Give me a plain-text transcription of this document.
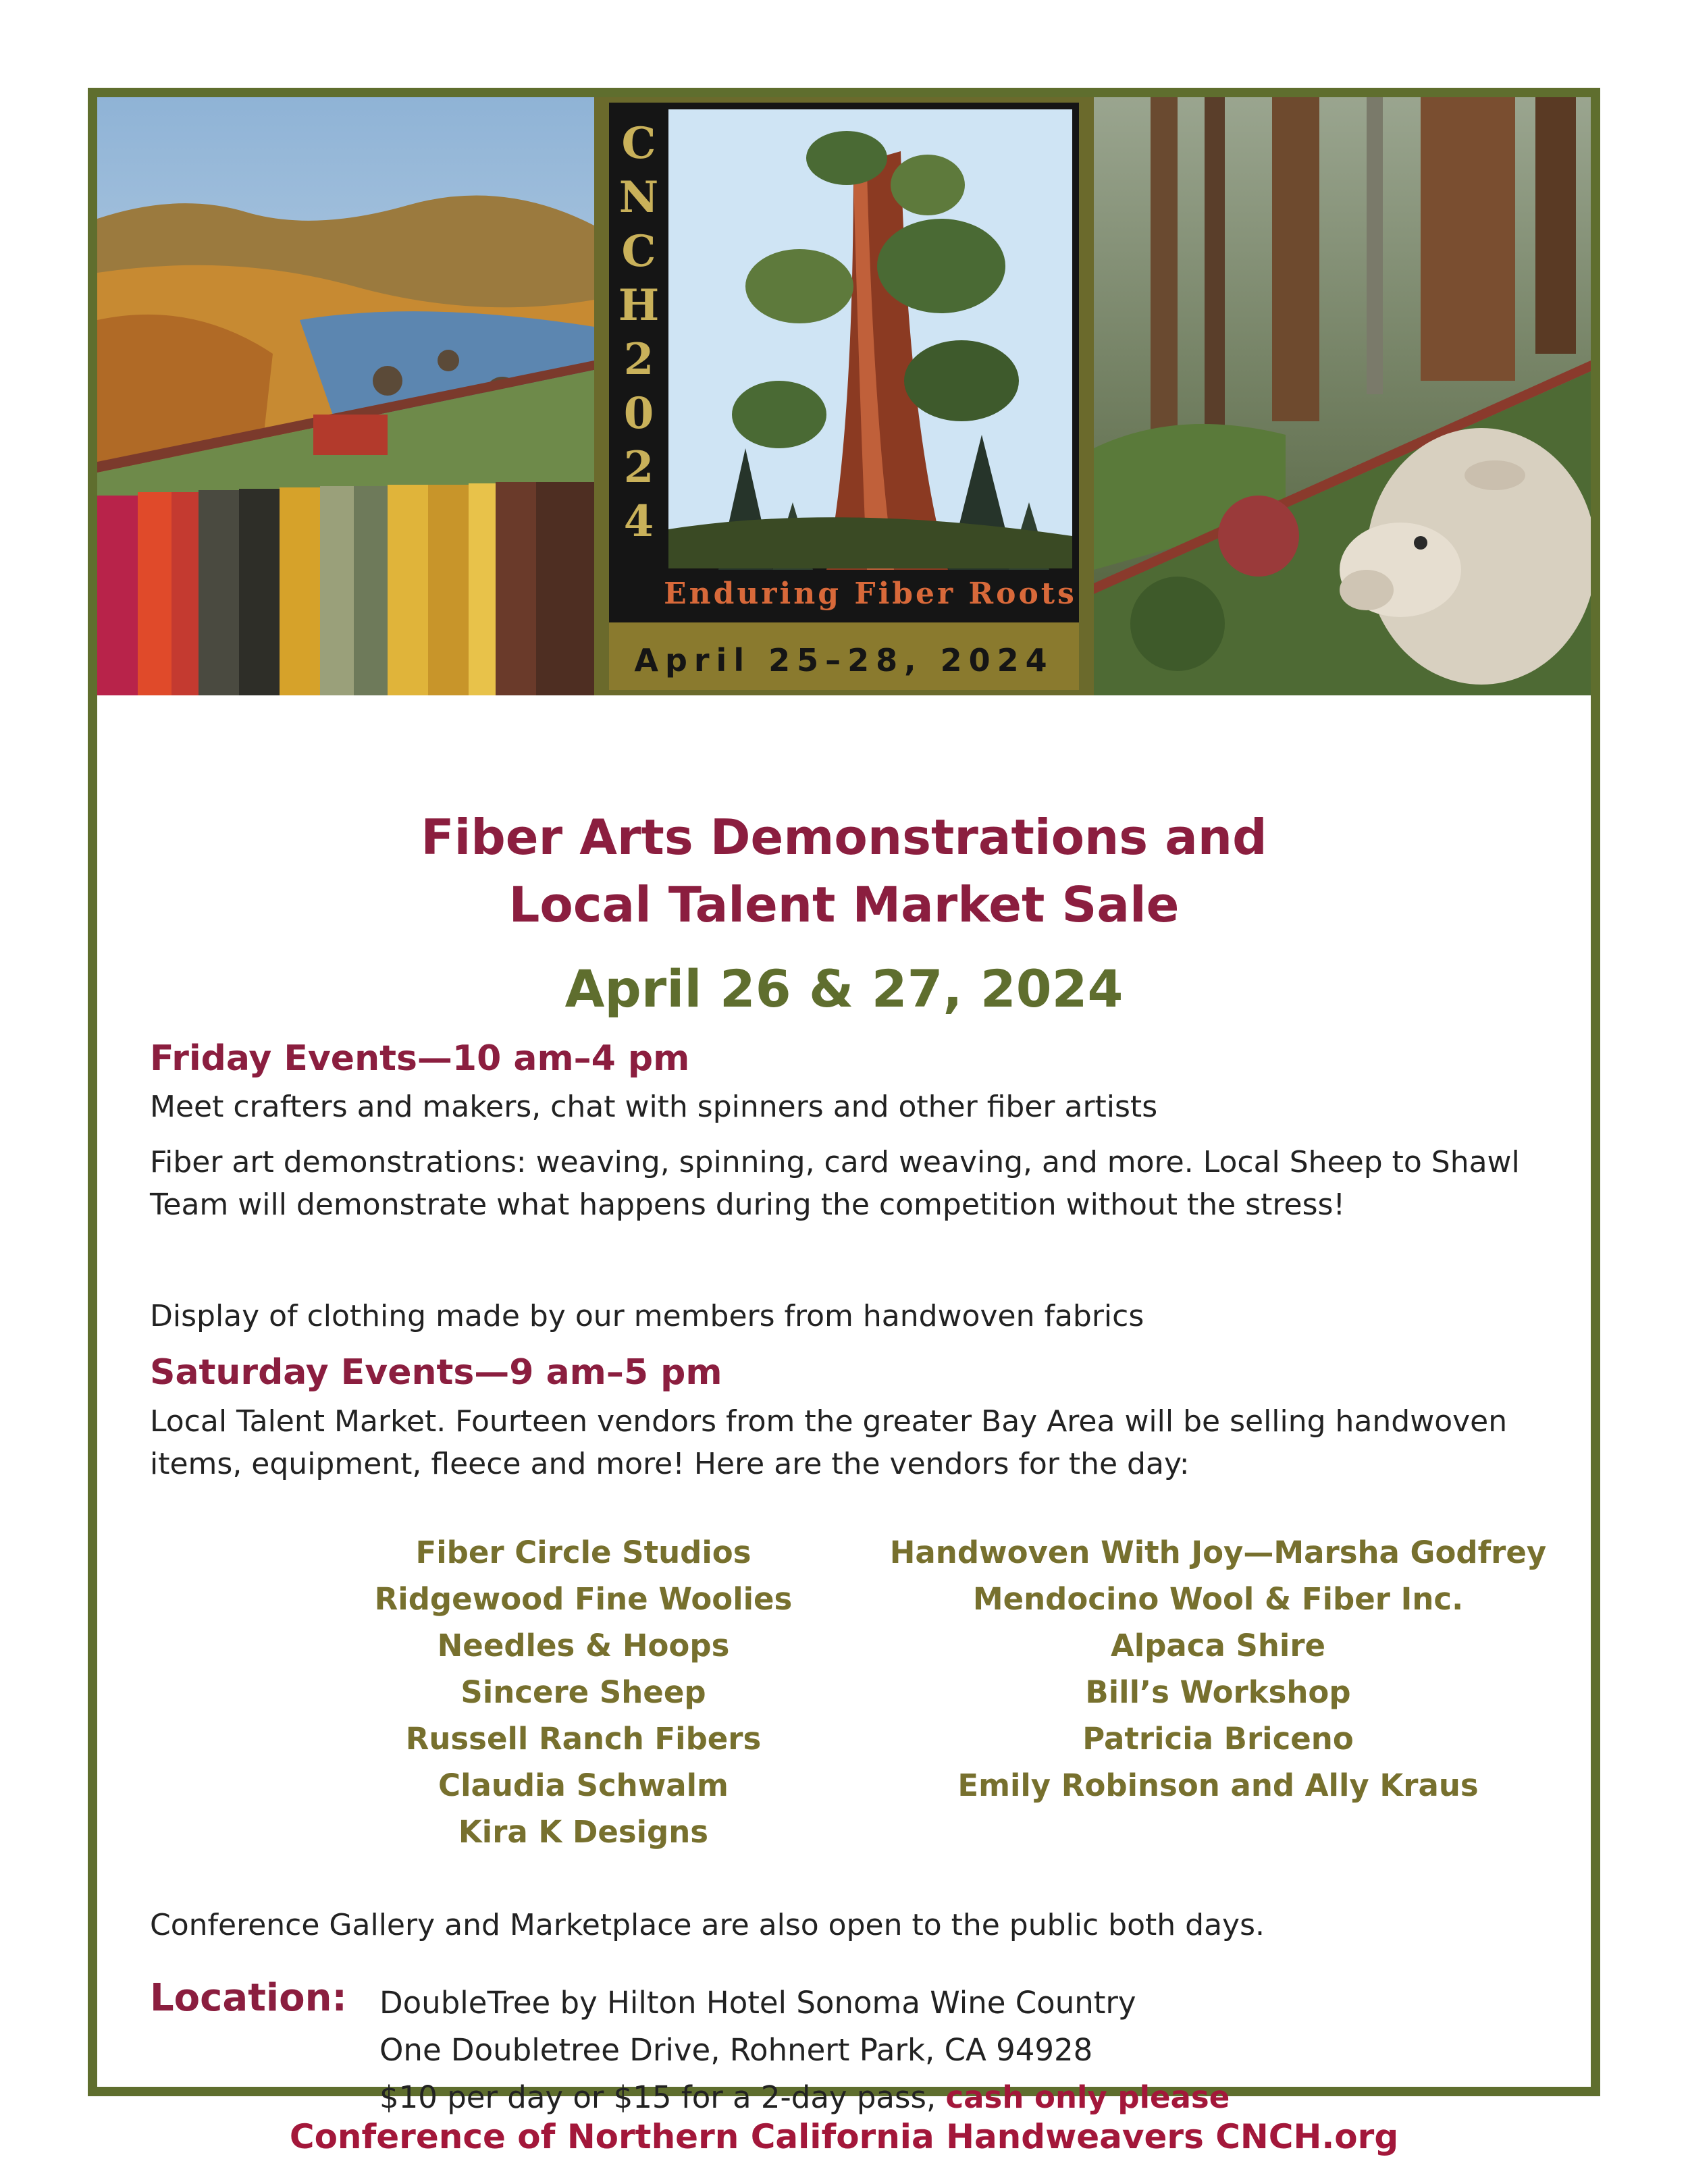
C N C H 2 0 2 4
Enduring Fiber Roots
April 25–28, 2024
Fiber Arts Demonstrations and
Local Talent Market Sale
April 26 & 27, 2024
Friday Events—10 am–4 pm
Meet crafters and makers, chat with spinners and other fiber artists
Fiber art demonstrations: weaving, spinning, card weaving, and more. Local Sheep to Shawl Team will demonstrate what happens during the competition without the stress!
Display of clothing made by our members from handwoven fabrics
Saturday Events—9 am–5 pm
Local Talent Market. Fourteen vendors from the greater Bay Area will be selling handwoven items, equipment, fleece and more! Here are the vendors for the day:
Fiber Circle Studios
Ridgewood Fine Woolies
Needles & Hoops
Sincere Sheep
Russell Ranch Fibers
Claudia Schwalm
Kira K Designs
Handwoven With Joy—Marsha Godfrey
Mendocino Wool & Fiber Inc.
Alpaca Shire
Bill’s Workshop
Patricia Briceno
Emily Robinson and Ally Kraus
Conference Gallery and Marketplace are also open to the public both days.
Location: DoubleTree by Hilton Hotel Sonoma Wine Country
One Doubletree Drive, Rohnert Park, CA 94928
$10 per day or $15 for a 2-day pass, cash only please
Conference of Northern California Handweavers CNCH.org
